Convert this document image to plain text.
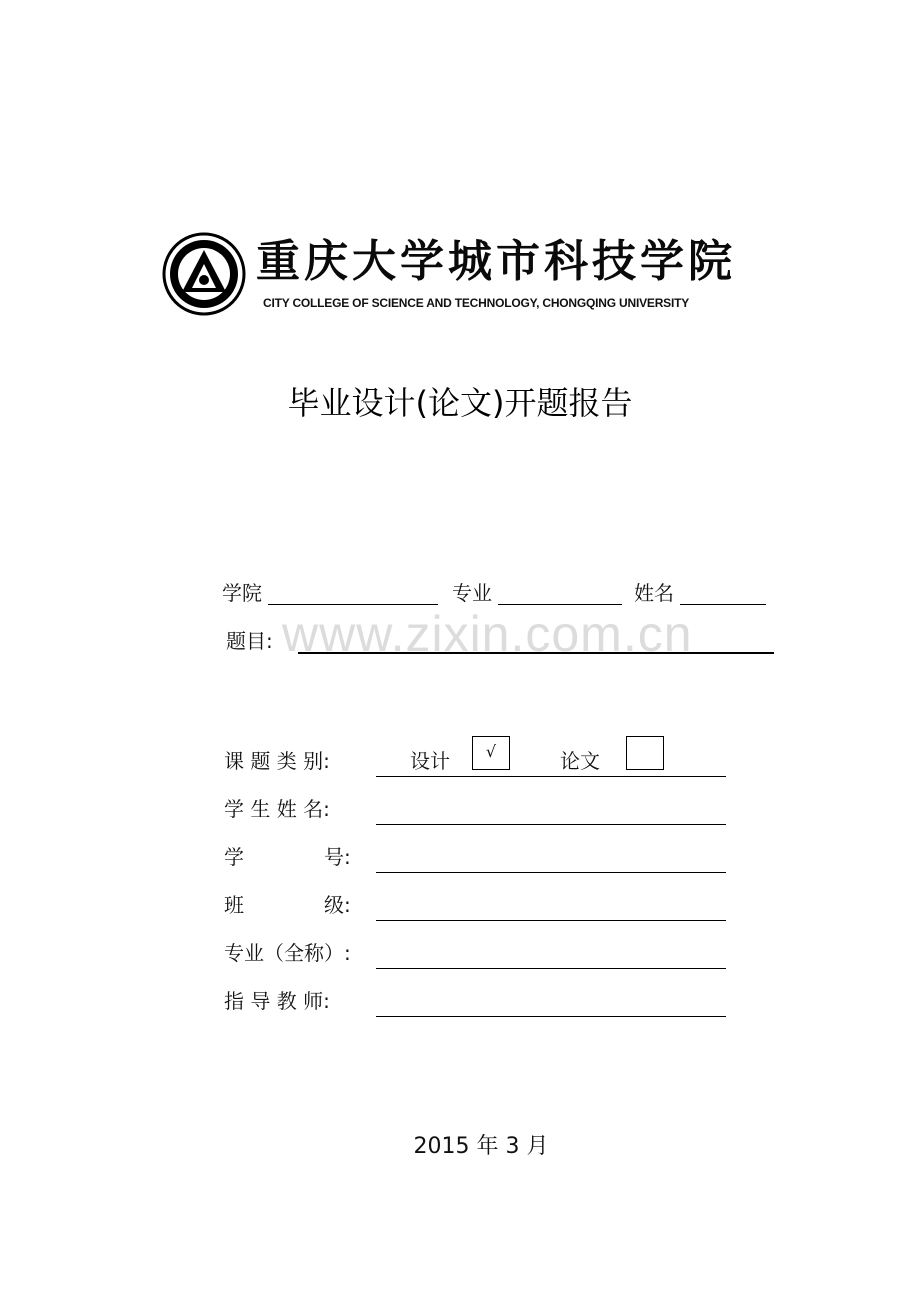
重庆大学城市科技学院
CITY COLLEGE OF SCIENCE AND TECHNOLOGY, CHONGQING UNIVERSITY
毕业设计(论文)开题报告
学院	专业	姓名
www.zixin.com.cn
题目:
课 题 类 别:	设计	√	论文
学 生 姓 名:
学　　　　号:
班　　　　级:
专业（全称）:
指 导 教 师:
2015 年 3 月
